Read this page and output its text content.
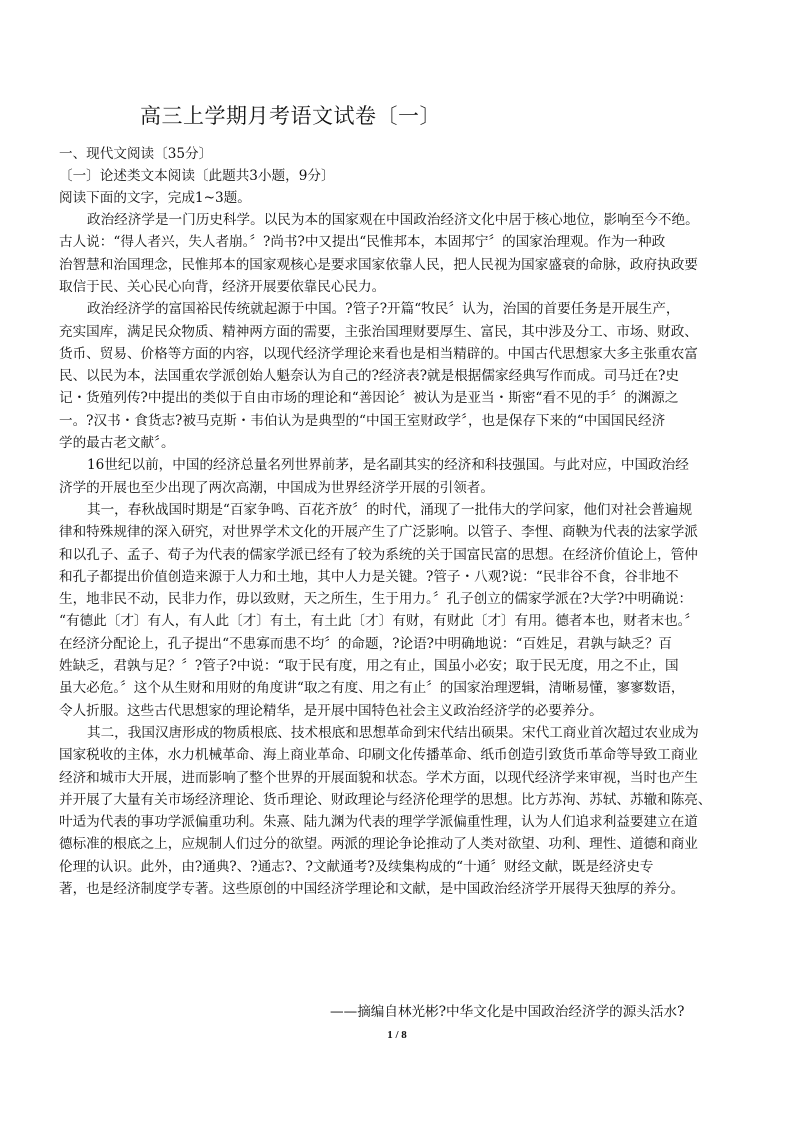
高三上学期月考语文试卷〔一〕
一、现代文阅读〔35分〕
〔一〕论述类文本阅读〔此题共3小题，9分〕
阅读下面的文字，完成1~3题。
政治经济学是一门历史科学。以民为本的国家观在中国政治经济文化中居于核心地位，影响至今不绝。
古人说：“得人者兴，失人者崩。〞?尚书?中又提出“民惟邦本，本固邦宁〞的国家治理观。作为一种政
治智慧和治国理念，民惟邦本的国家观核心是要求国家依靠人民，把人民视为国家盛衰的命脉，政府执政要
取信于民、关心民心向背，经济开展要依靠民心民力。
政治经济学的富国裕民传统就起源于中国。?管子?开篇“牧民〞认为，治国的首要任务是开展生产，
充实国库，满足民众物质、精神两方面的需要，主张治国理财要厚生、富民，其中涉及分工、市场、财政、
货币、贸易、价格等方面的内容，以现代经济学理论来看也是相当精辟的。中国古代思想家大多主张重农富
民、以民为本，法国重农学派创始人魁奈认为自己的?经济表?就是根据儒家经典写作而成。司马迁在?史
记・货殖列传?中提出的类似于自由市场的理论和“善因论〞被认为是亚当・斯密“看不见的手〞的渊源之
一。?汉书・食货志?被马克斯・韦伯认为是典型的“中国王室财政学〞，也是保存下来的“中国国民经济
学的最古老文献〞。
16世纪以前，中国的经济总量名列世界前茅，是名副其实的经济和科技强国。与此对应，中国政治经
济学的开展也至少出现了两次高潮，中国成为世界经济学开展的引领者。
其一，春秋战国时期是“百家争鸣、百花齐放〞的时代，涌现了一批伟大的学问家，他们对社会普遍规
律和特殊规律的深入研究，对世界学术文化的开展产生了广泛影响。以管子、李悝、商鞅为代表的法家学派
和以孔子、孟子、荀子为代表的儒家学派已经有了较为系统的关于国富民富的思想。在经济价值论上，管仲
和孔子都提出价值创造来源于人力和土地，其中人力是关键。?管子・八观?说：“民非谷不食，谷非地不
生，地非民不动，民非力作，毋以致财，天之所生，生于用力。〞孔子创立的儒家学派在?大学?中明确说：
“有德此〔才〕有人，有人此〔才〕有土，有土此〔才〕有财，有财此〔才〕有用。德者本也，财者末也。〞
在经济分配论上，孔子提出“不患寡而患不均〞的命题，?论语?中明确地说：“百姓足，君孰与缺乏？百
姓缺乏，君孰与足？〞?管子?中说：“取于民有度，用之有止，国虽小必安；取于民无度，用之不止，国
虽大必危。〞这个从生财和用财的角度讲“取之有度、用之有止〞的国家治理逻辑，清晰易懂，寥寥数语，
令人折服。这些古代思想家的理论精华，是开展中国特色社会主义政治经济学的必要养分。
其二，我国汉唐形成的物质根底、技术根底和思想革命到宋代结出硕果。宋代工商业首次超过农业成为
国家税收的主体，水力机械革命、海上商业革命、印刷文化传播革命、纸币创造引致货币革命等导致工商业
经济和城市大开展，进而影响了整个世界的开展面貌和状态。学术方面，以现代经济学来审视，当时也产生
并开展了大量有关市场经济理论、货币理论、财政理论与经济伦理学的思想。比方苏洵、苏轼、苏辙和陈亮、
叶适为代表的事功学派偏重功利。朱熹、陆九渊为代表的理学学派偏重性理，认为人们追求利益要建立在道
德标准的根底之上，应规制人们过分的欲望。两派的理论争论推动了人类对欲望、功利、理性、道德和商业
伦理的认识。此外，由?通典?、?通志?、?文献通考?及续集构成的“十通〞财经文献，既是经济史专
著，也是经济制度学专著。这些原创的中国经济学理论和文献，是中国政治经济学开展得天独厚的养分。
——摘编自林光彬?中华文化是中国政治经济学的源头活水?
1 / 8
